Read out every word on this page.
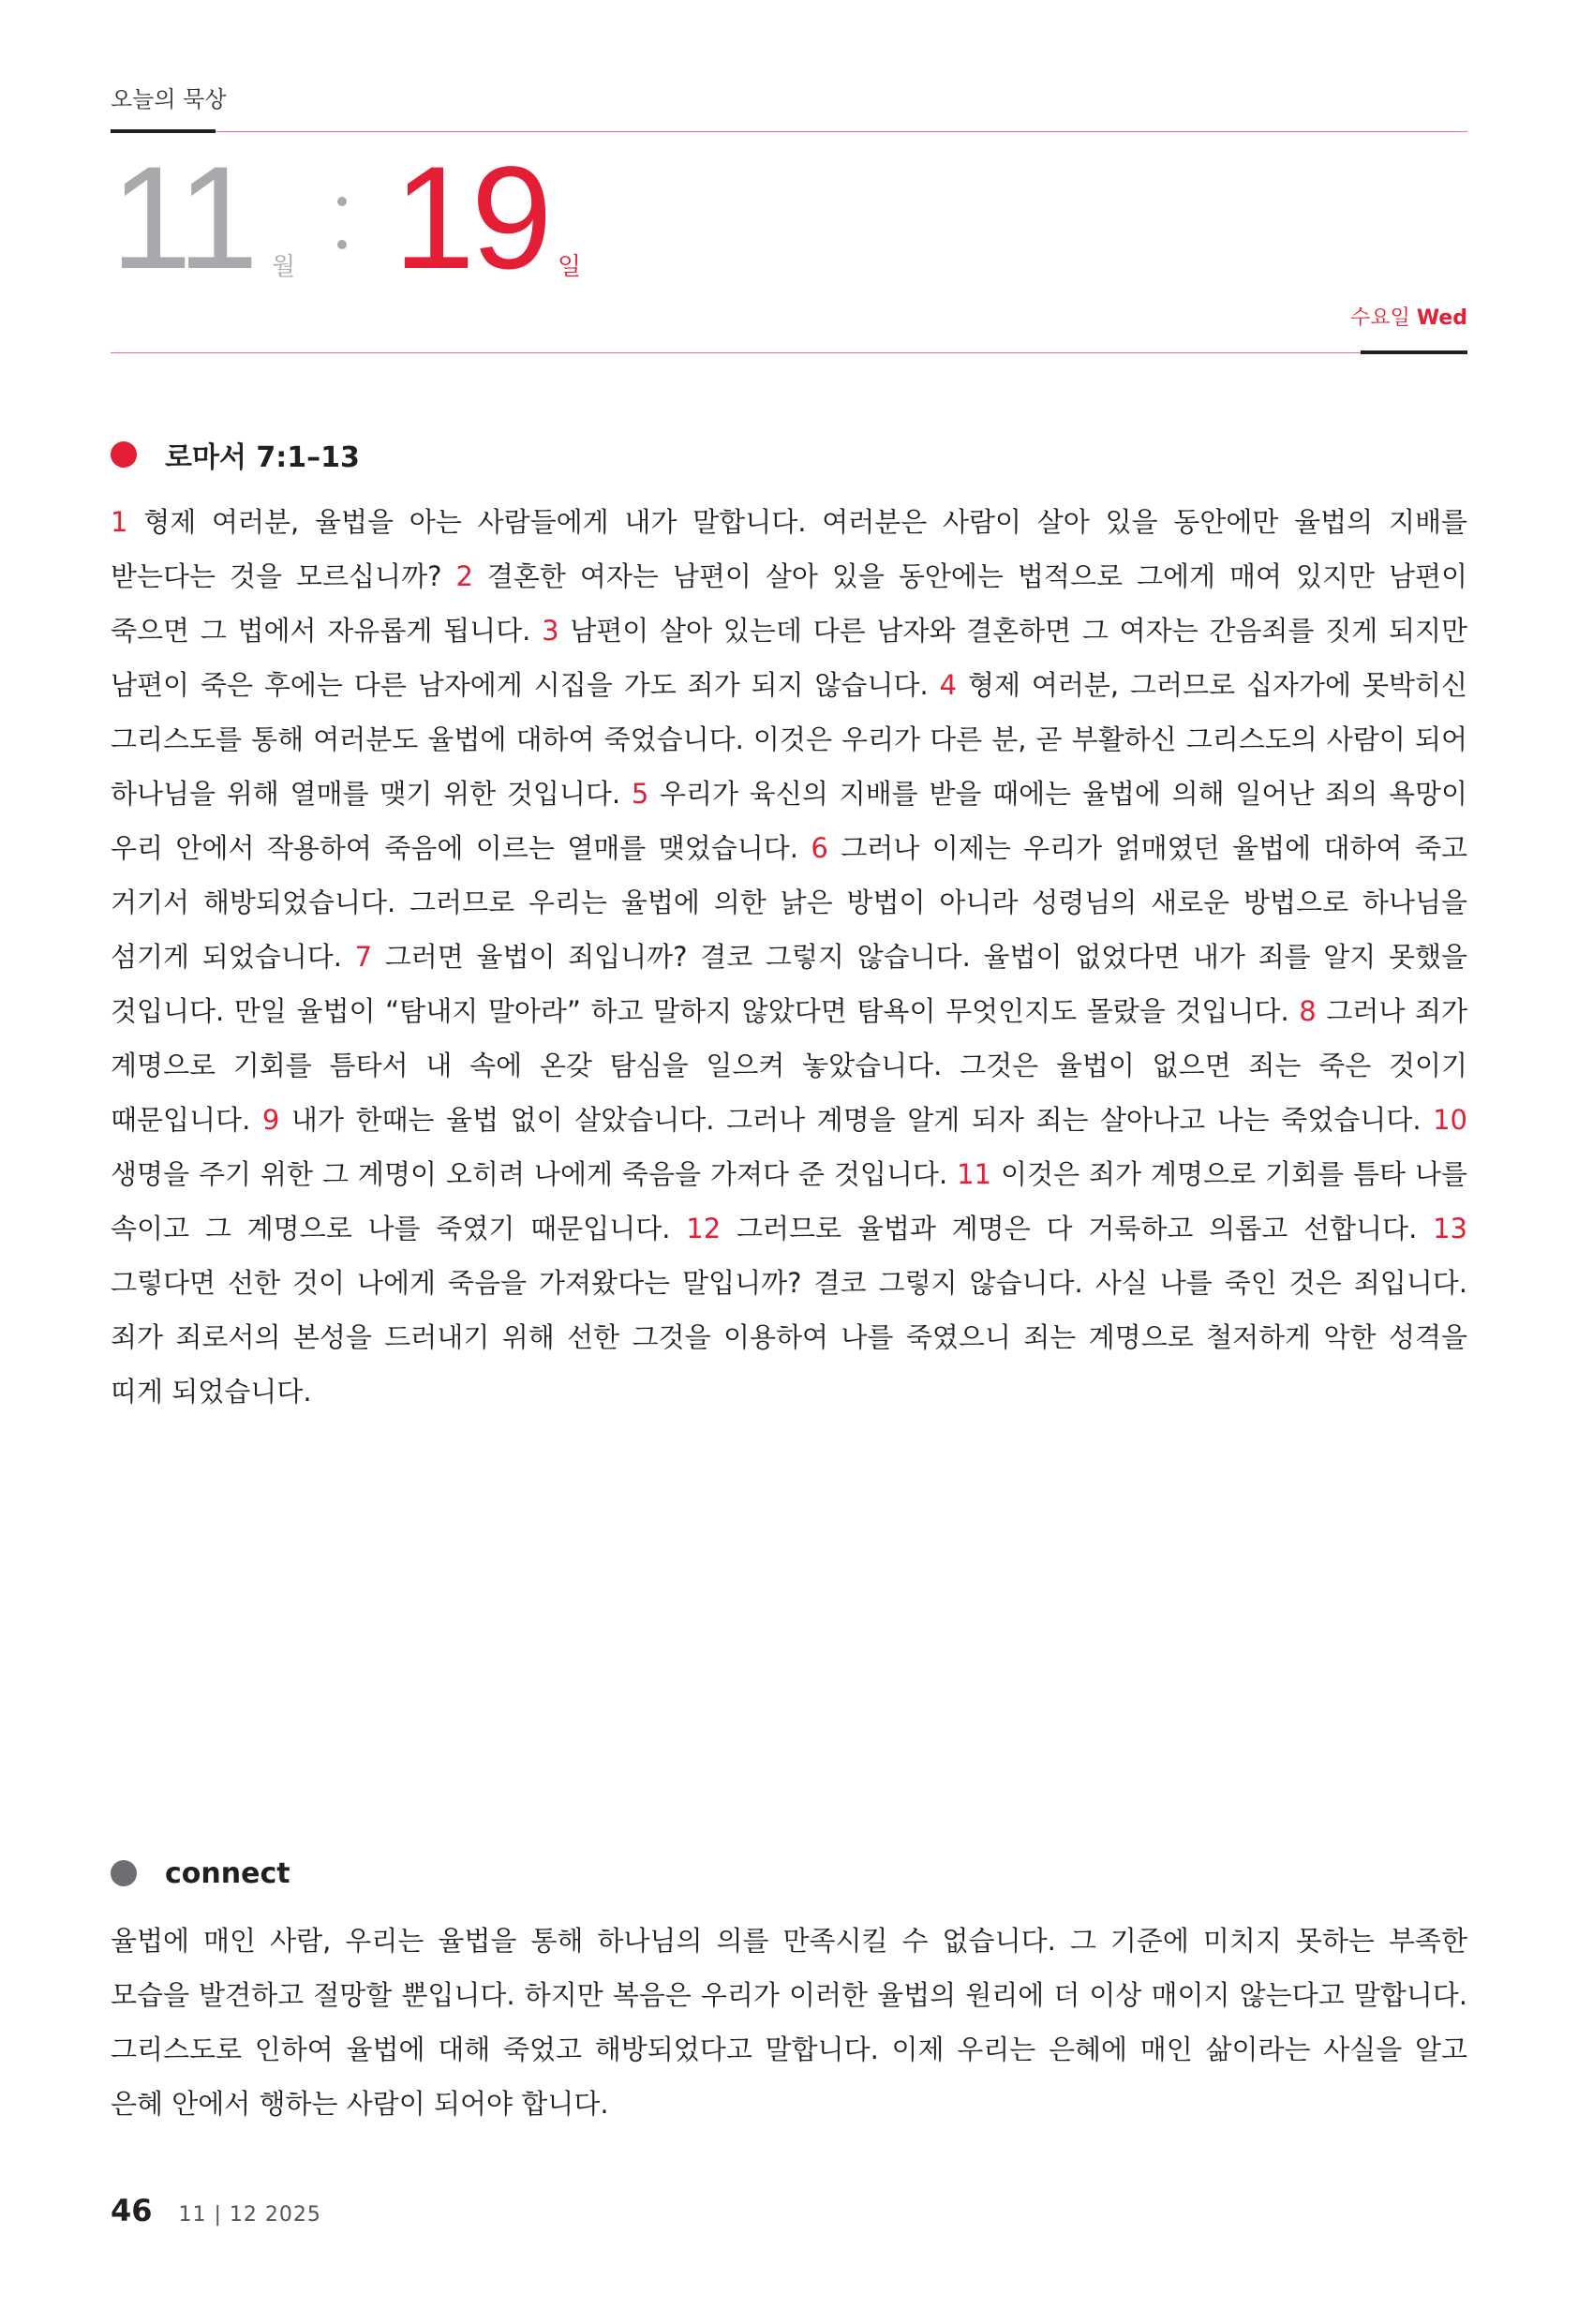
오늘의 묵상
11 월 19 일
수요일 Wed
로마서 7:1–13
1 형제 여러분, 율법을 아는 사람들에게 내가 말합니다. 여러분은 사람이 살아 있을 동안에만 율법의 지배를 받는다는 것을 모르십니까? 2 결혼한 여자는 남편이 살아 있을 동안에는 법적으로 그에게 매여 있지만 남편이 죽으면 그 법에서 자유롭게 됩니다. 3 남편이 살아 있는데 다른 남자와 결혼하면 그 여자는 간음죄를 짓게 되지만 남편이 죽은 후에는 다른 남자에게 시집을 가도 죄가 되지 않습니다. 4 형제 여러분, 그러므로 십자가에 못박히신 그리스도를 통해 여러분도 율법에 대하여 죽었습니다. 이것은 우리가 다른 분, 곧 부활하신 그리스도의 사람이 되어 하나님을 위해 열매를 맺기 위한 것입니다. 5 우리가 육신의 지배를 받을 때에는 율법에 의해 일어난 죄의 욕망이 우리 안에서 작용하여 죽음에 이르는 열매를 맺었습니다. 6 그러나 이제는 우리가 얽매였던 율법에 대하여 죽고 거기서 해방되었습니다. 그러므로 우리는 율법에 의한 낡은 방법이 아니라 성령님의 새로운 방법으로 하나님을 섬기게 되었습니다. 7 그러면 율법이 죄입니까? 결코 그렇지 않습니다. 율법이 없었다면 내가 죄를 알지 못했을 것입니다. 만일 율법이 “탐내지 말아라” 하고 말하지 않았다면 탐욕이 무엇인지도 몰랐을 것입니다. 8 그러나 죄가 계명으로 기회를 틈타서 내 속에 온갖 탐심을 일으켜 놓았습니다. 그것은 율법이 없으면 죄는 죽은 것이기 때문입니다. 9 내가 한때는 율법 없이 살았습니다. 그러나 계명을 알게 되자 죄는 살아나고 나는 죽었습니다. 10 생명을 주기 위한 그 계명이 오히려 나에게 죽음을 가져다 준 것입니다. 11 이것은 죄가 계명으로 기회를 틈타 나를 속이고 그 계명으로 나를 죽였기 때문입니다. 12 그러므로 율법과 계명은 다 거룩하고 의롭고 선합니다. 13 그렇다면 선한 것이 나에게 죽음을 가져왔다는 말입니까? 결코 그렇지 않습니다. 사실 나를 죽인 것은 죄입니다. 죄가 죄로서의 본성을 드러내기 위해 선한 그것을 이용하여 나를 죽였으니 죄는 계명으로 철저하게 악한 성격을 띠게 되었습니다.
connect
율법에 매인 사람, 우리는 율법을 통해 하나님의 의를 만족시킬 수 없습니다. 그 기준에 미치지 못하는 부족한 모습을 발견하고 절망할 뿐입니다. 하지만 복음은 우리가 이러한 율법의 원리에 더 이상 매이지 않는다고 말합니다. 그리스도로 인하여 율법에 대해 죽었고 해방되었다고 말합니다. 이제 우리는 은혜에 매인 삶이라는 사실을 알고 은혜 안에서 행하는 사람이 되어야 합니다.
46 11 | 12 2025
